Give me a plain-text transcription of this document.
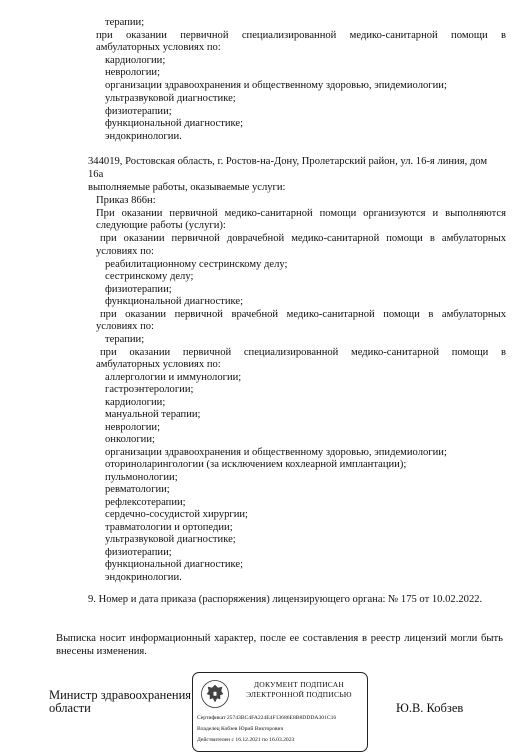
терапии;
при оказании первичной специализированной медико-санитарной помощи в
амбулаторных условиях по:
кардиологии;
неврологии;
организации здравоохранения и общественному здоровью, эпидемиологии;
ультразвуковой диагностике;
физиотерапии;
функциональной диагностике;
эндокринологии.
344019, Ростовская область, г. Ростов-на-Дону, Пролетарский район, ул. 16-я линия, дом
16а
выполняемые работы, оказываемые услуги:
Приказ 866н:
При оказании первичной медико-санитарной помощи организуются и выполняются
следующие работы (услуги):
при оказании первичной доврачебной медико-санитарной помощи в амбулаторных
условиях по:
реабилитационному сестринскому делу;
сестринскому делу;
физиотерапии;
функциональной диагностике;
при оказании первичной врачебной медико-санитарной помощи в амбулаторных
условиях по:
терапии;
при оказании первичной специализированной медико-санитарной помощи в
амбулаторных условиях по:
аллергологии и иммунологии;
гастроэнтерологии;
кардиологии;
мануальной терапии;
неврологии;
онкологии;
организации здравоохранения и общественному здоровью, эпидемиологии;
оториноларингологии (за исключением кохлеарной имплантации);
пульмонологии;
ревматологии;
рефлексотерапии;
сердечно-сосудистой хирургии;
травматологии и ортопедии;
ультразвуковой диагностике;
физиотерапии;
функциональной диагностике;
эндокринологии.
9. Номер и дата приказа (распоряжения) лицензирующего органа: № 175 от 10.02.2022.
Выписка носит информационный характер, после ее составления в реестр лицензий могли быть
внесены изменения.
Министр здравоохранения
области	Ю.В. Кобзев
ДОКУМЕНТ ПОДПИСАН
ЭЛЕКТРОННОЙ ПОДПИСЬЮ
Сертификат 25743BC4FA224E4F13686E8B8DDDA301C16
Владелец Кобзев Юрий Викторович
Действителен с 16.12.2021 по 16.03.2023
